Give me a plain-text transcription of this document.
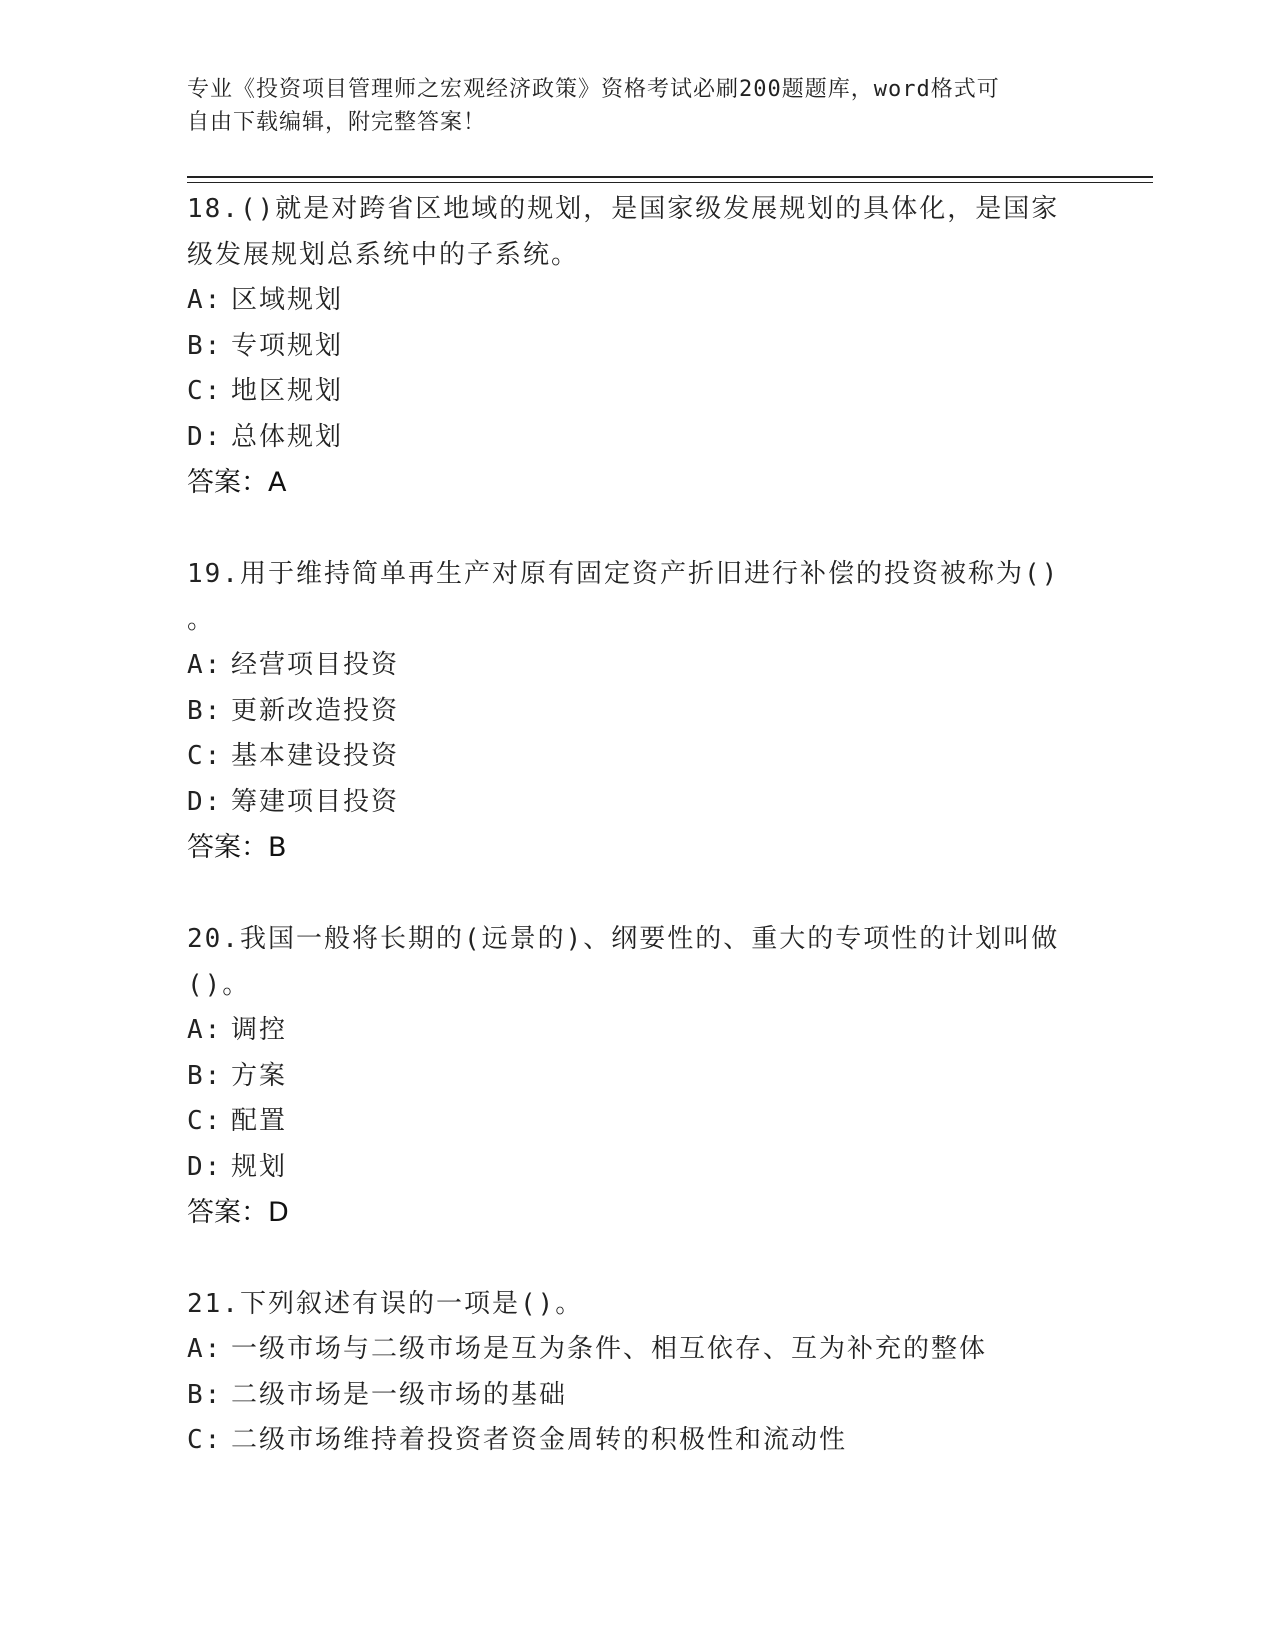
专业《投资项目管理师之宏观经济政策》资格考试必刷200题题库，word格式可
自由下载编辑，附完整答案！

18.()就是对跨省区地域的规划，是国家级发展规划的具体化，是国家
级发展规划总系统中的子系统。

A: 区域规划

B: 专项规划

C: 地区规划

D: 总体规划

答案：A

19.用于维持简单再生产对原有固定资产折旧进行补偿的投资被称为()
。

A: 经营项目投资

B: 更新改造投资

C: 基本建设投资

D: 筹建项目投资

答案：B

20.我国一般将长期的(远景的)、纲要性的、重大的专项性的计划叫做
()。

A: 调控

B: 方案

C: 配置

D: 规划

答案：D

21.下列叙述有误的一项是()。

A: 一级市场与二级市场是互为条件、相互依存、互为补充的整体

B: 二级市场是一级市场的基础

C: 二级市场维持着投资者资金周转的积极性和流动性
